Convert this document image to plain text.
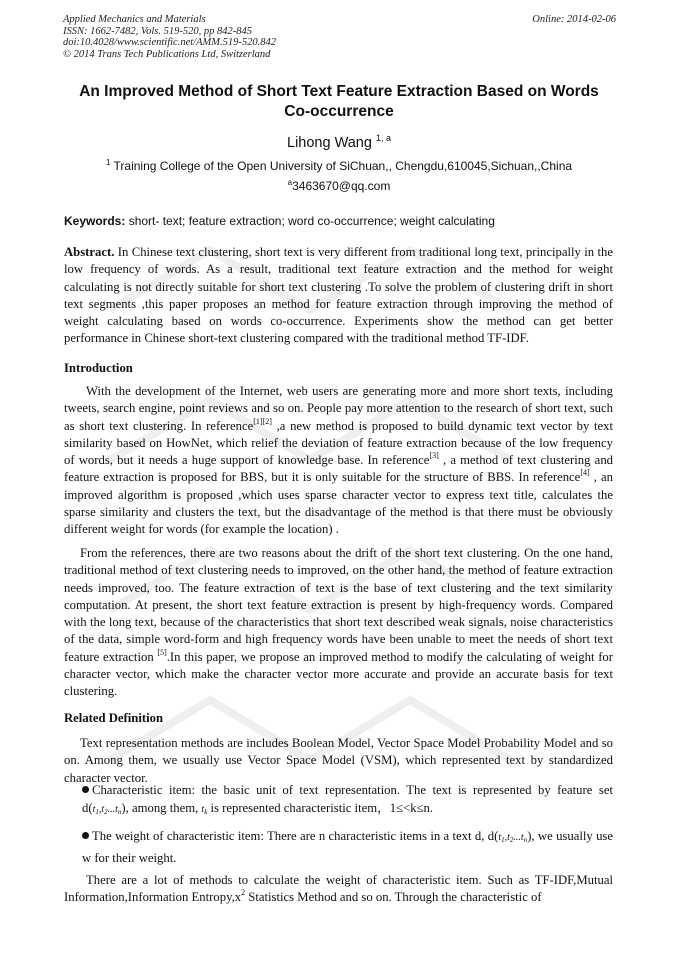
Applied Mechanics and Materials
ISSN: 1662-7482, Vols. 519-520, pp 842-845
doi:10.4028/www.scientific.net/AMM.519-520.842
© 2014 Trans Tech Publications Ltd, Switzerland
Online: 2014-02-06
An Improved Method of Short Text Feature Extraction Based on Words
Co-occurrence
Lihong Wang $^{1, a}$
$^1$ Training College of the Open University of SiChuan,, Chengdu,610045,Sichuan,,China
$^a$3463670@qq.com
Keywords: short- text; feature extraction; word co-occurrence; weight calculating

Abstract. In Chinese text clustering, short text is very different from traditional long text, principally in the low frequency of words. As a result, traditional text feature extraction and the method for weight calculating is not directly suitable for short text clustering .To solve the problem of clustering drift in short text segments ,this paper proposes an method for feature extraction through improving the method of weight calculating based on words co-occurrence. Experiments show the method can get better performance in Chinese short-text clustering compared with the traditional method TF-IDF.

Introduction

With the development of the Internet, web users are generating more and more short texts, including tweets, search engine, point reviews and so on. People pay more attention to the research of short text, such as short text clustering. In reference[1][2] ,a new method is proposed to build dynamic text vector by text similarity based on HowNet, which relief the deviation of feature extraction because of the low frequency of words, but it needs a huge support of knowledge base. In reference[3] , a method of text clustering and feature extraction is proposed for BBS, but it is only suitable for the structure of BBS. In reference[4] , an improved algorithm is proposed ,which uses sparse character vector to express text title, calculates the sparse similarity and clusters the text, but the disadvantage of the method is that there must be obviously different weight for words (for example the location) .

From the references, there are two reasons about the drift of the short text clustering. On the one hand, traditional method of text clustering needs to improved, on the other hand, the method of feature extraction needs improved, too. The feature extraction of text is the base of text clustering and the text similarity computation. At present, the short text feature extraction is present by high-frequency words. Compared with the long text, because of the characteristics that short text described weak signals, noise characteristics of the data, simple word-form and high frequency words have been unable to meet the needs of short text feature extraction [5].In this paper, we propose an improved method to modify the calculating of weight for character vector, which make the character vector more accurate and provide an accurate basis for text clustering.

Related Definition

Text representation methods are includes Boolean Model, Vector Space Model Probability Model and so on. Among them, we usually use Vector Space Model (VSM), which represented text by standardized character vector.

Characteristic item: the basic unit of text representation. The text is represented by feature set $d(t_1,t_2...t_n)$, among them, $t_k$ is represented characteristic item，1≤<k≤n.
The weight of characteristic item: There are n characteristic items in a text d, $d(t_1,t_2...t_n)$, we usually use w for their weight.

There are a lot of methods to calculate the weight of characteristic item. Such as TF-IDF,Mutual Information,Information Entropy,x$^2$ Statistics Method and so on. Through the characteristic of
